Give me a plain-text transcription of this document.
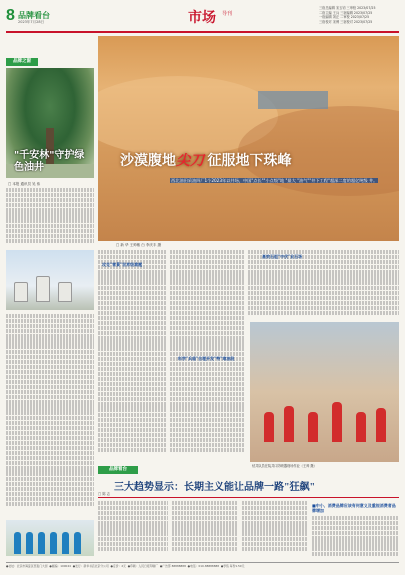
8 品牌看台
2023年7月28日	市场 导刊
三宿总编辑 宋玉钧 三审校 2023/07/25
二宿主编 王兵 三宿编辑 2023/07/25
一宿编辑 刘正 二审校 2023/07/25
三宿校对 宋博 三宿校对 2023/07/25
品牌之窗
"千安林"守护绿色油井
□ 本报 通讯员 吴 伟
沙漠腹地尖刀 征服地下珠峰
西北油田采油四厂1个2023年以井场，中国"点长""小点级"地 "最大 "油气""井下工程"超深二度的超亿吨级 井。
□ 新 华 王帅敏 白 李庆丰 摄
攻克"雪景"世界级难题
科学"兵临"合理开发"特"难油段
高效石组"中伏"业石场
钻井队员在装井口防喷器现场作业（王帅 摄）
品牌看台
三大趋势显示：长期主义能让品牌一路"狂飙"
□ 陈 志
■中小、消费品牌应该有何意义及重视消费者品牌增加
●社址：北京市海淀区西直门大街 ●邮编：100044 ●发行：新华书店北京分公司 ●定价：2元 ●印刷：人民日报印刷厂 ●广告部 88888888 ●电话：010-88888888 ●零售 每份1.50元
